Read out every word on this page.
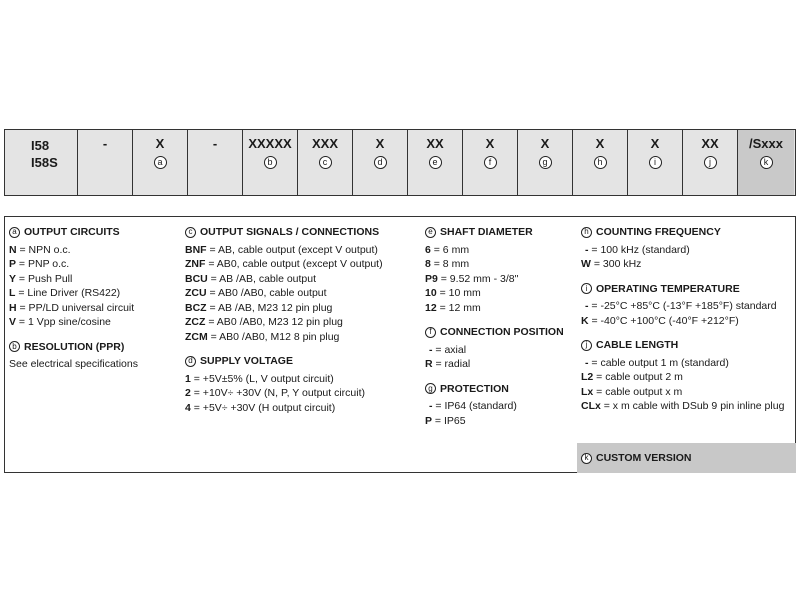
I58
I58S
-	X
a
- XXXXX
b
XXX
c
X
d
XX
e
X
f
X
g
X
h
X
i
XX
j
/Sxxx
k
a OUTPUT CIRCUITS
N = NPN o.c.
P = PNP o.c.
Y = Push Pull
L = Line Driver (RS422)
H = PP/LD universal circuit
V = 1 Vpp sine/cosine
b RESOLUTION (PPR)
See electrical specifications
c OUTPUT SIGNALS / CONNECTIONS
BNF = AB, cable output (except V output)
ZNF = AB0, cable output (except V output)
BCU = AB /AB, cable output
ZCU = AB0 /AB0, cable output
BCZ = AB /AB, M23 12 pin plug
ZCZ = AB0 /AB0, M23 12 pin plug
ZCM = AB0 /AB0, M12 8 pin plug
d SUPPLY VOLTAGE
1 = +5V±5% (L, V output circuit)
2 = +10V÷ +30V (N, P, Y output circuit)
4 = +5V÷ +30V (H output circuit)
e SHAFT DIAMETER
6 = 6 mm
8 = 8 mm
P9 = 9.52 mm - 3/8"
10 = 10 mm
12 = 12 mm
f CONNECTION POSITION
- = axial
R = radial
g PROTECTION
- = IP64 (standard)
P = IP65
h COUNTING FREQUENCY
- = 100 kHz (standard)
W = 300 kHz
i OPERATING TEMPERATURE
- = -25°C +85°C (-13°F +185°F) standard
K = -40°C +100°C (-40°F +212°F)
j CABLE LENGTH
- = cable output 1 m (standard)
L2 = cable output 2 m
Lx = cable output x m
CLx = x m cable with DSub 9 pin inline plug
k CUSTOM VERSION
